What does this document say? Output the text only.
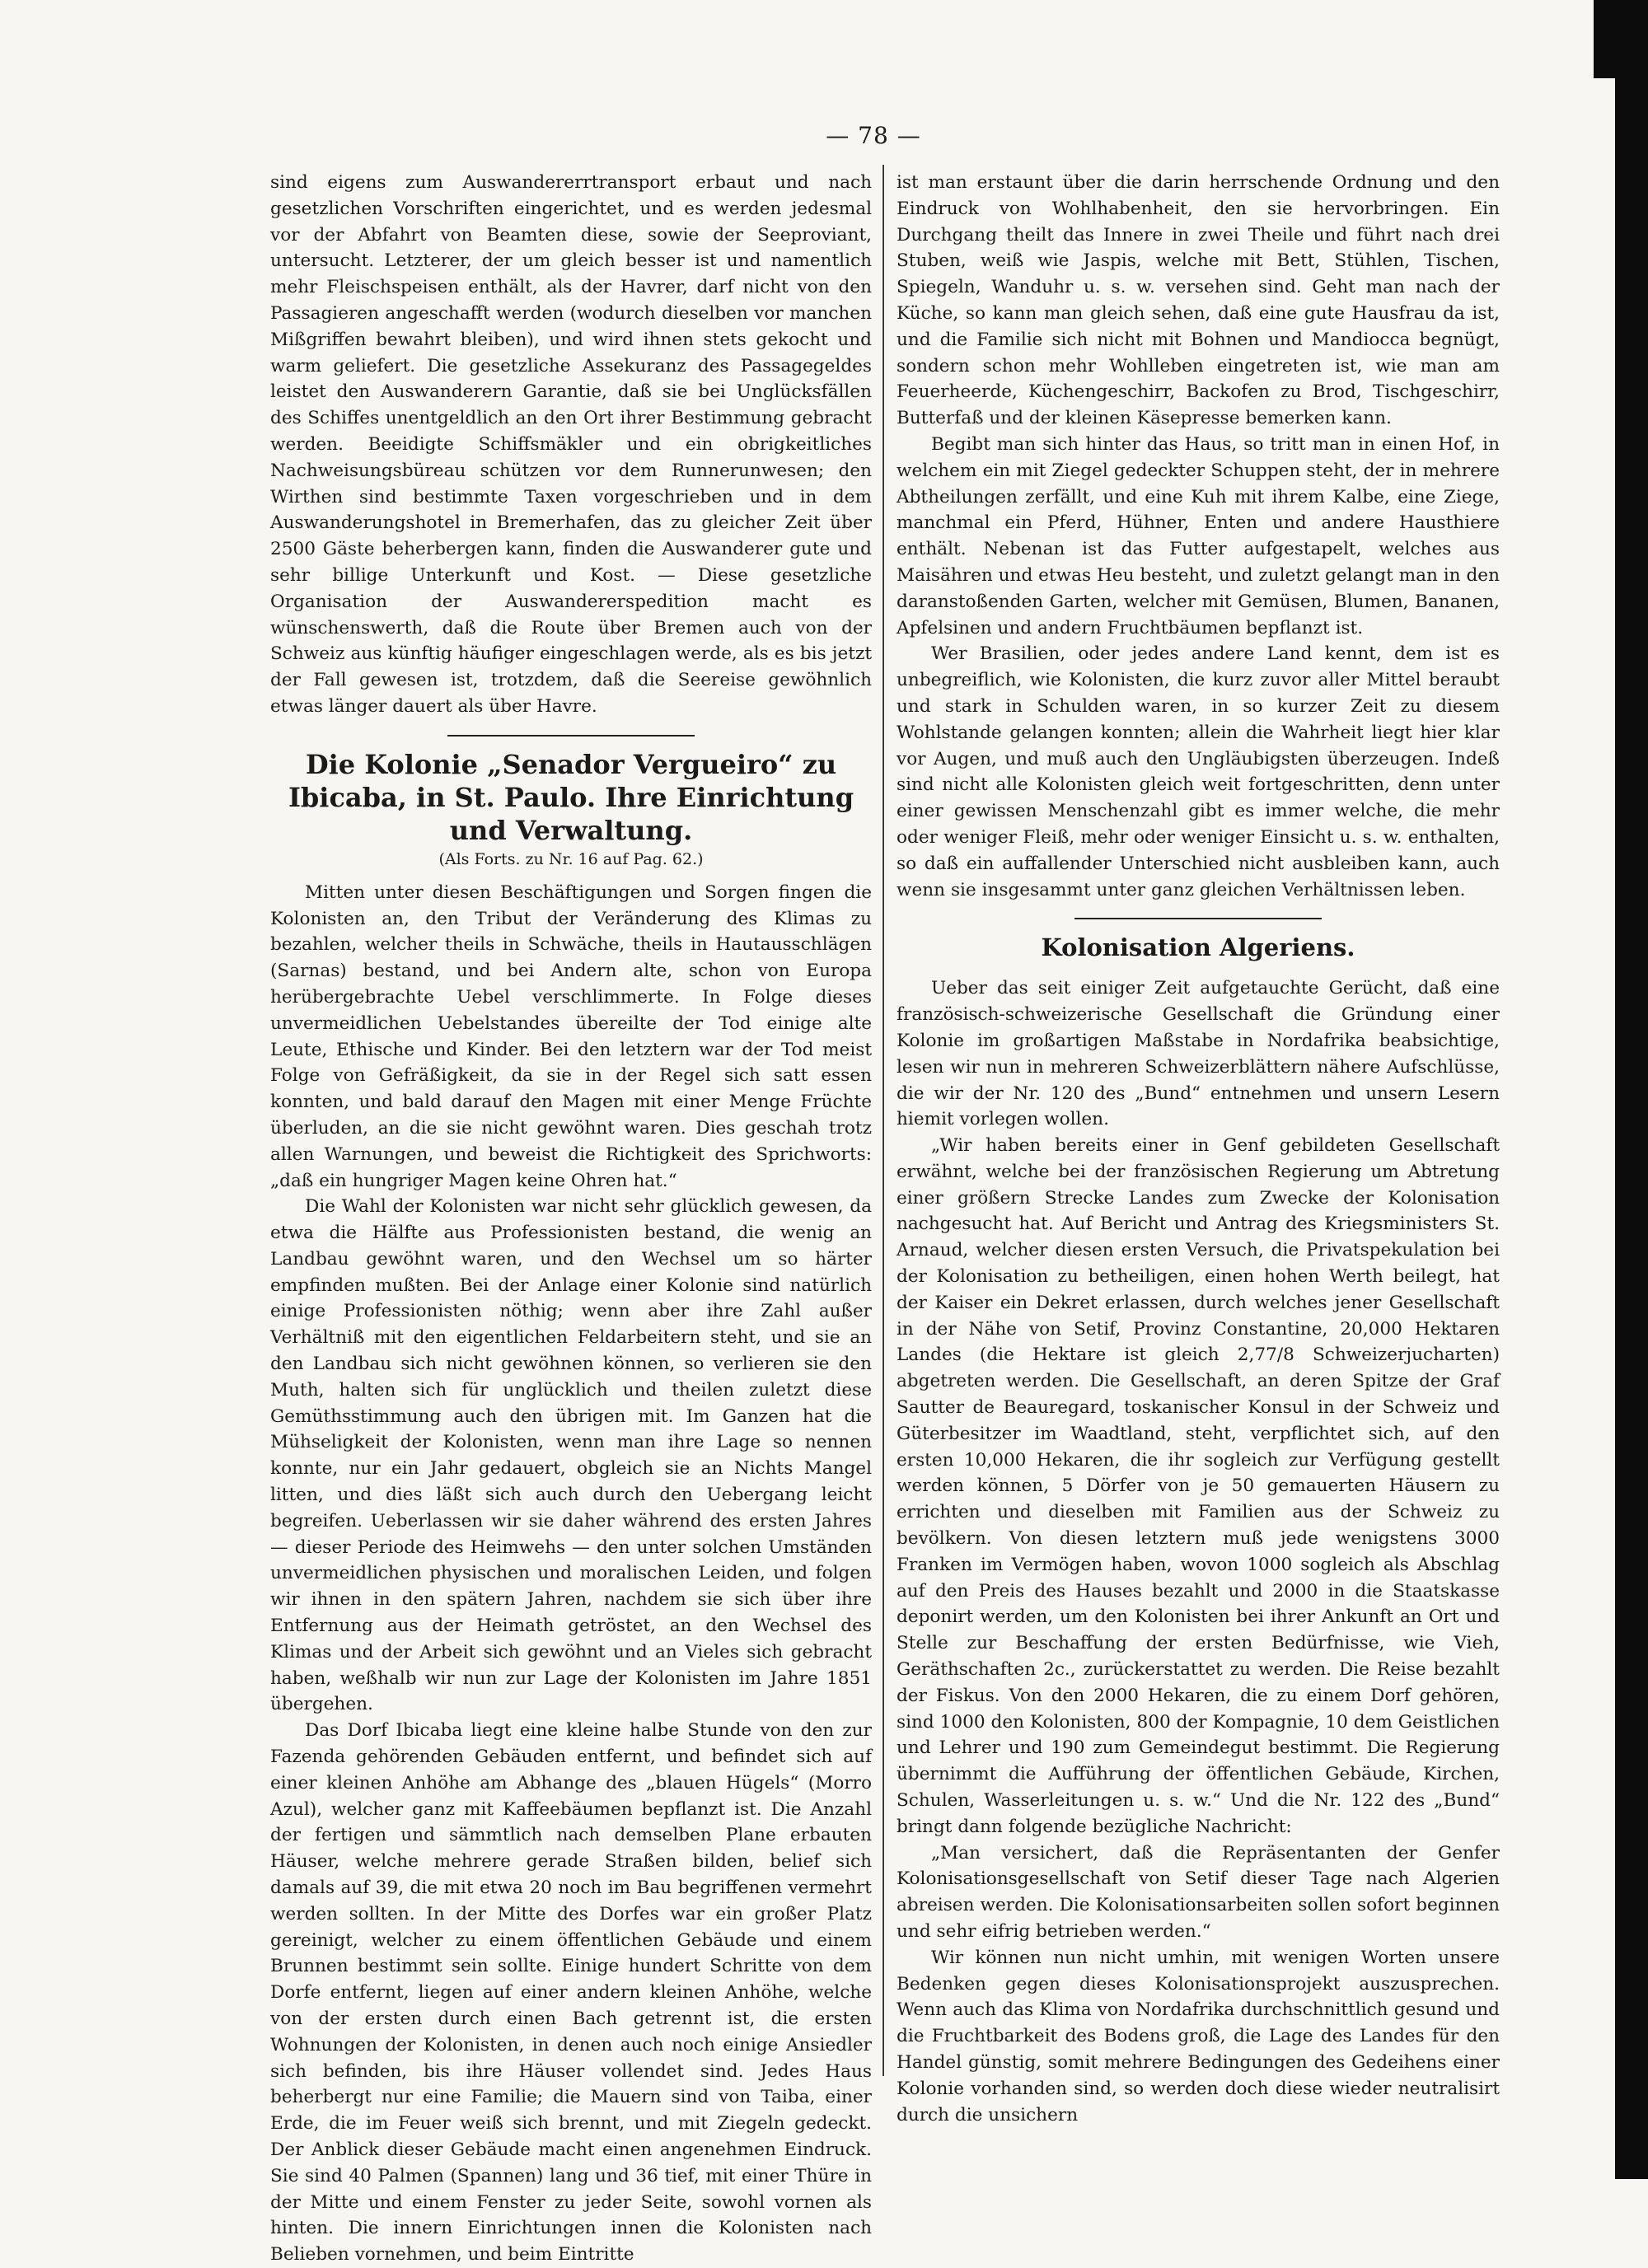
— 78 —

sind eigens zum Auswandererrtransport erbaut und nach gesetzlichen Vorschriften eingerichtet, und es werden jedesmal vor der Abfahrt von Beamten diese, sowie der Seeproviant, untersucht. Letzterer, der um gleich besser ist und namentlich mehr Fleischspeisen enthält, als der Havrer, darf nicht von den Passagieren angeschafft werden (wodurch dieselben vor manchen Mißgriffen bewahrt bleiben), und wird ihnen stets gekocht und warm geliefert. Die gesetzliche Assekuranz des Passagegeldes leistet den Auswanderern Garantie, daß sie bei Unglücksfällen des Schiffes unentgeldlich an den Ort ihrer Bestimmung gebracht werden. Beeidigte Schiffsmäkler und ein obrigkeitliches Nachweisungsbüreau schützen vor dem Runnerunwesen; den Wirthen sind bestimmte Taxen vorgeschrieben und in dem Auswanderungshotel in Bremerhafen, das zu gleicher Zeit über 2500 Gäste beherbergen kann, finden die Auswanderer gute und sehr billige Unterkunft und Kost. — Diese gesetzliche Organisation der Auswandererspedition macht es wünschenswerth, daß die Route über Bremen auch von der Schweiz aus künftig häufiger eingeschlagen werde, als es bis jetzt der Fall gewesen ist, trotzdem, daß die Seereise gewöhnlich etwas länger dauert als über Havre.

Die Kolonie „Senador Vergueiro“ zu Ibicaba, in St. Paulo. Ihre Einrichtung und Verwaltung.
(Als Forts. zu Nr. 16 auf Pag. 62.)

Mitten unter diesen Beschäftigungen und Sorgen fingen die Kolonisten an, den Tribut der Veränderung des Klimas zu bezahlen, welcher theils in Schwäche, theils in Hautausschlägen (Sarnas) bestand, und bei Andern alte, schon von Europa herübergebrachte Uebel verschlimmerte. In Folge dieses unvermeidlichen Uebelstandes übereilte der Tod einige alte Leute, Ethische und Kinder. Bei den letztern war der Tod meist Folge von Gefräßigkeit, da sie in der Regel sich satt essen konnten, und bald darauf den Magen mit einer Menge Früchte überluden, an die sie nicht gewöhnt waren. Dies geschah trotz allen Warnungen, und beweist die Richtigkeit des Sprichworts: „daß ein hungriger Magen keine Ohren hat.“

Die Wahl der Kolonisten war nicht sehr glücklich gewesen, da etwa die Hälfte aus Professionisten bestand, die wenig an Landbau gewöhnt waren, und den Wechsel um so härter empfinden mußten. Bei der Anlage einer Kolonie sind natürlich einige Professionisten nöthig; wenn aber ihre Zahl außer Verhältniß mit den eigentlichen Feldarbeitern steht, und sie an den Landbau sich nicht gewöhnen können, so verlieren sie den Muth, halten sich für unglücklich und theilen zuletzt diese Gemüthsstimmung auch den übrigen mit. Im Ganzen hat die Mühseligkeit der Kolonisten, wenn man ihre Lage so nennen konnte, nur ein Jahr gedauert, obgleich sie an Nichts Mangel litten, und dies läßt sich auch durch den Uebergang leicht begreifen. Ueberlassen wir sie daher während des ersten Jahres — dieser Periode des Heimwehs — den unter solchen Umständen unvermeidlichen physischen und moralischen Leiden, und folgen wir ihnen in den spätern Jahren, nachdem sie sich über ihre Entfernung aus der Heimath getröstet, an den Wechsel des Klimas und der Arbeit sich gewöhnt und an Vieles sich gebracht haben, weßhalb wir nun zur Lage der Kolonisten im Jahre 1851 übergehen.

Das Dorf Ibicaba liegt eine kleine halbe Stunde von den zur Fazenda gehörenden Gebäuden entfernt, und befindet sich auf einer kleinen Anhöhe am Abhange des „blauen Hügels“ (Morro Azul), welcher ganz mit Kaffeebäumen bepflanzt ist. Die Anzahl der fertigen und sämmtlich nach demselben Plane erbauten Häuser, welche mehrere gerade Straßen bilden, belief sich damals auf 39, die mit etwa 20 noch im Bau begriffenen vermehrt werden sollten. In der Mitte des Dorfes war ein großer Platz gereinigt, welcher zu einem öffentlichen Gebäude und einem Brunnen bestimmt sein sollte. Einige hundert Schritte von dem Dorfe entfernt, liegen auf einer andern kleinen Anhöhe, welche von der ersten durch einen Bach getrennt ist, die ersten Wohnungen der Kolonisten, in denen auch noch einige Ansiedler sich befinden, bis ihre Häuser vollendet sind. Jedes Haus beherbergt nur eine Familie; die Mauern sind von Taiba, einer Erde, die im Feuer weiß sich brennt, und mit Ziegeln gedeckt. Der Anblick dieser Gebäude macht einen angenehmen Eindruck. Sie sind 40 Palmen (Spannen) lang und 36 tief, mit einer Thüre in der Mitte und einem Fenster zu jeder Seite, sowohl vornen als hinten. Die innern Einrichtungen innen die Kolonisten nach Belieben vornehmen, und beim Eintritte

ist man erstaunt über die darin herrschende Ordnung und den Eindruck von Wohlhabenheit, den sie hervorbringen. Ein Durchgang theilt das Innere in zwei Theile und führt nach drei Stuben, weiß wie Jaspis, welche mit Bett, Stühlen, Tischen, Spiegeln, Wanduhr u. s. w. versehen sind. Geht man nach der Küche, so kann man gleich sehen, daß eine gute Hausfrau da ist, und die Familie sich nicht mit Bohnen und Mandiocca begnügt, sondern schon mehr Wohlleben eingetreten ist, wie man am Feuerheerde, Küchengeschirr, Backofen zu Brod, Tischgeschirr, Butterfaß und der kleinen Käsepresse bemerken kann.

Begibt man sich hinter das Haus, so tritt man in einen Hof, in welchem ein mit Ziegel gedeckter Schuppen steht, der in mehrere Abtheilungen zerfällt, und eine Kuh mit ihrem Kalbe, eine Ziege, manchmal ein Pferd, Hühner, Enten und andere Hausthiere enthält. Nebenan ist das Futter aufgestapelt, welches aus Maisähren und etwas Heu besteht, und zuletzt gelangt man in den daranstoßenden Garten, welcher mit Gemüsen, Blumen, Bananen, Apfelsinen und andern Fruchtbäumen bepflanzt ist.

Wer Brasilien, oder jedes andere Land kennt, dem ist es unbegreiflich, wie Kolonisten, die kurz zuvor aller Mittel beraubt und stark in Schulden waren, in so kurzer Zeit zu diesem Wohlstande gelangen konnten; allein die Wahrheit liegt hier klar vor Augen, und muß auch den Ungläubigsten überzeugen. Indeß sind nicht alle Kolonisten gleich weit fortgeschritten, denn unter einer gewissen Menschenzahl gibt es immer welche, die mehr oder weniger Fleiß, mehr oder weniger Einsicht u. s. w. enthalten, so daß ein auffallender Unterschied nicht ausbleiben kann, auch wenn sie insgesammt unter ganz gleichen Verhältnissen leben.

Kolonisation Algeriens.

Ueber das seit einiger Zeit aufgetauchte Gerücht, daß eine französisch-schweizerische Gesellschaft die Gründung einer Kolonie im großartigen Maßstabe in Nordafrika beabsichtige, lesen wir nun in mehreren Schweizerblättern nähere Aufschlüsse, die wir der Nr. 120 des „Bund“ entnehmen und unsern Lesern hiemit vorlegen wollen.

„Wir haben bereits einer in Genf gebildeten Gesellschaft erwähnt, welche bei der französischen Regierung um Abtretung einer größern Strecke Landes zum Zwecke der Kolonisation nachgesucht hat. Auf Bericht und Antrag des Kriegsministers St. Arnaud, welcher diesen ersten Versuch, die Privatspekulation bei der Kolonisation zu betheiligen, einen hohen Werth beilegt, hat der Kaiser ein Dekret erlassen, durch welches jener Gesellschaft in der Nähe von Setif, Provinz Constantine, 20,000 Hektaren Landes (die Hektare ist gleich 2,77/8 Schweizerjucharten) abgetreten werden. Die Gesellschaft, an deren Spitze der Graf Sautter de Beauregard, toskanischer Konsul in der Schweiz und Güterbesitzer im Waadtland, steht, verpflichtet sich, auf den ersten 10,000 Hekaren, die ihr sogleich zur Verfügung gestellt werden können, 5 Dörfer von je 50 gemauerten Häusern zu errichten und dieselben mit Familien aus der Schweiz zu bevölkern. Von diesen letztern muß jede wenigstens 3000 Franken im Vermögen haben, wovon 1000 sogleich als Abschlag auf den Preis des Hauses bezahlt und 2000 in die Staatskasse deponirt werden, um den Kolonisten bei ihrer Ankunft an Ort und Stelle zur Beschaffung der ersten Bedürfnisse, wie Vieh, Geräthschaften 2c., zurückerstattet zu werden. Die Reise bezahlt der Fiskus. Von den 2000 Hekaren, die zu einem Dorf gehören, sind 1000 den Kolonisten, 800 der Kompagnie, 10 dem Geistlichen und Lehrer und 190 zum Gemeindegut bestimmt. Die Regierung übernimmt die Aufführung der öffentlichen Gebäude, Kirchen, Schulen, Wasserleitungen u. s. w.“ Und die Nr. 122 des „Bund“ bringt dann folgende bezügliche Nachricht:

„Man versichert, daß die Repräsentanten der Genfer Kolonisationsgesellschaft von Setif dieser Tage nach Algerien abreisen werden. Die Kolonisationsarbeiten sollen sofort beginnen und sehr eifrig betrieben werden.“

Wir können nun nicht umhin, mit wenigen Worten unsere Bedenken gegen dieses Kolonisationsprojekt auszusprechen. Wenn auch das Klima von Nordafrika durchschnittlich gesund und die Fruchtbarkeit des Bodens groß, die Lage des Landes für den Handel günstig, somit mehrere Bedingungen des Gedeihens einer Kolonie vorhanden sind, so werden doch diese wieder neutralisirt durch die unsichern
